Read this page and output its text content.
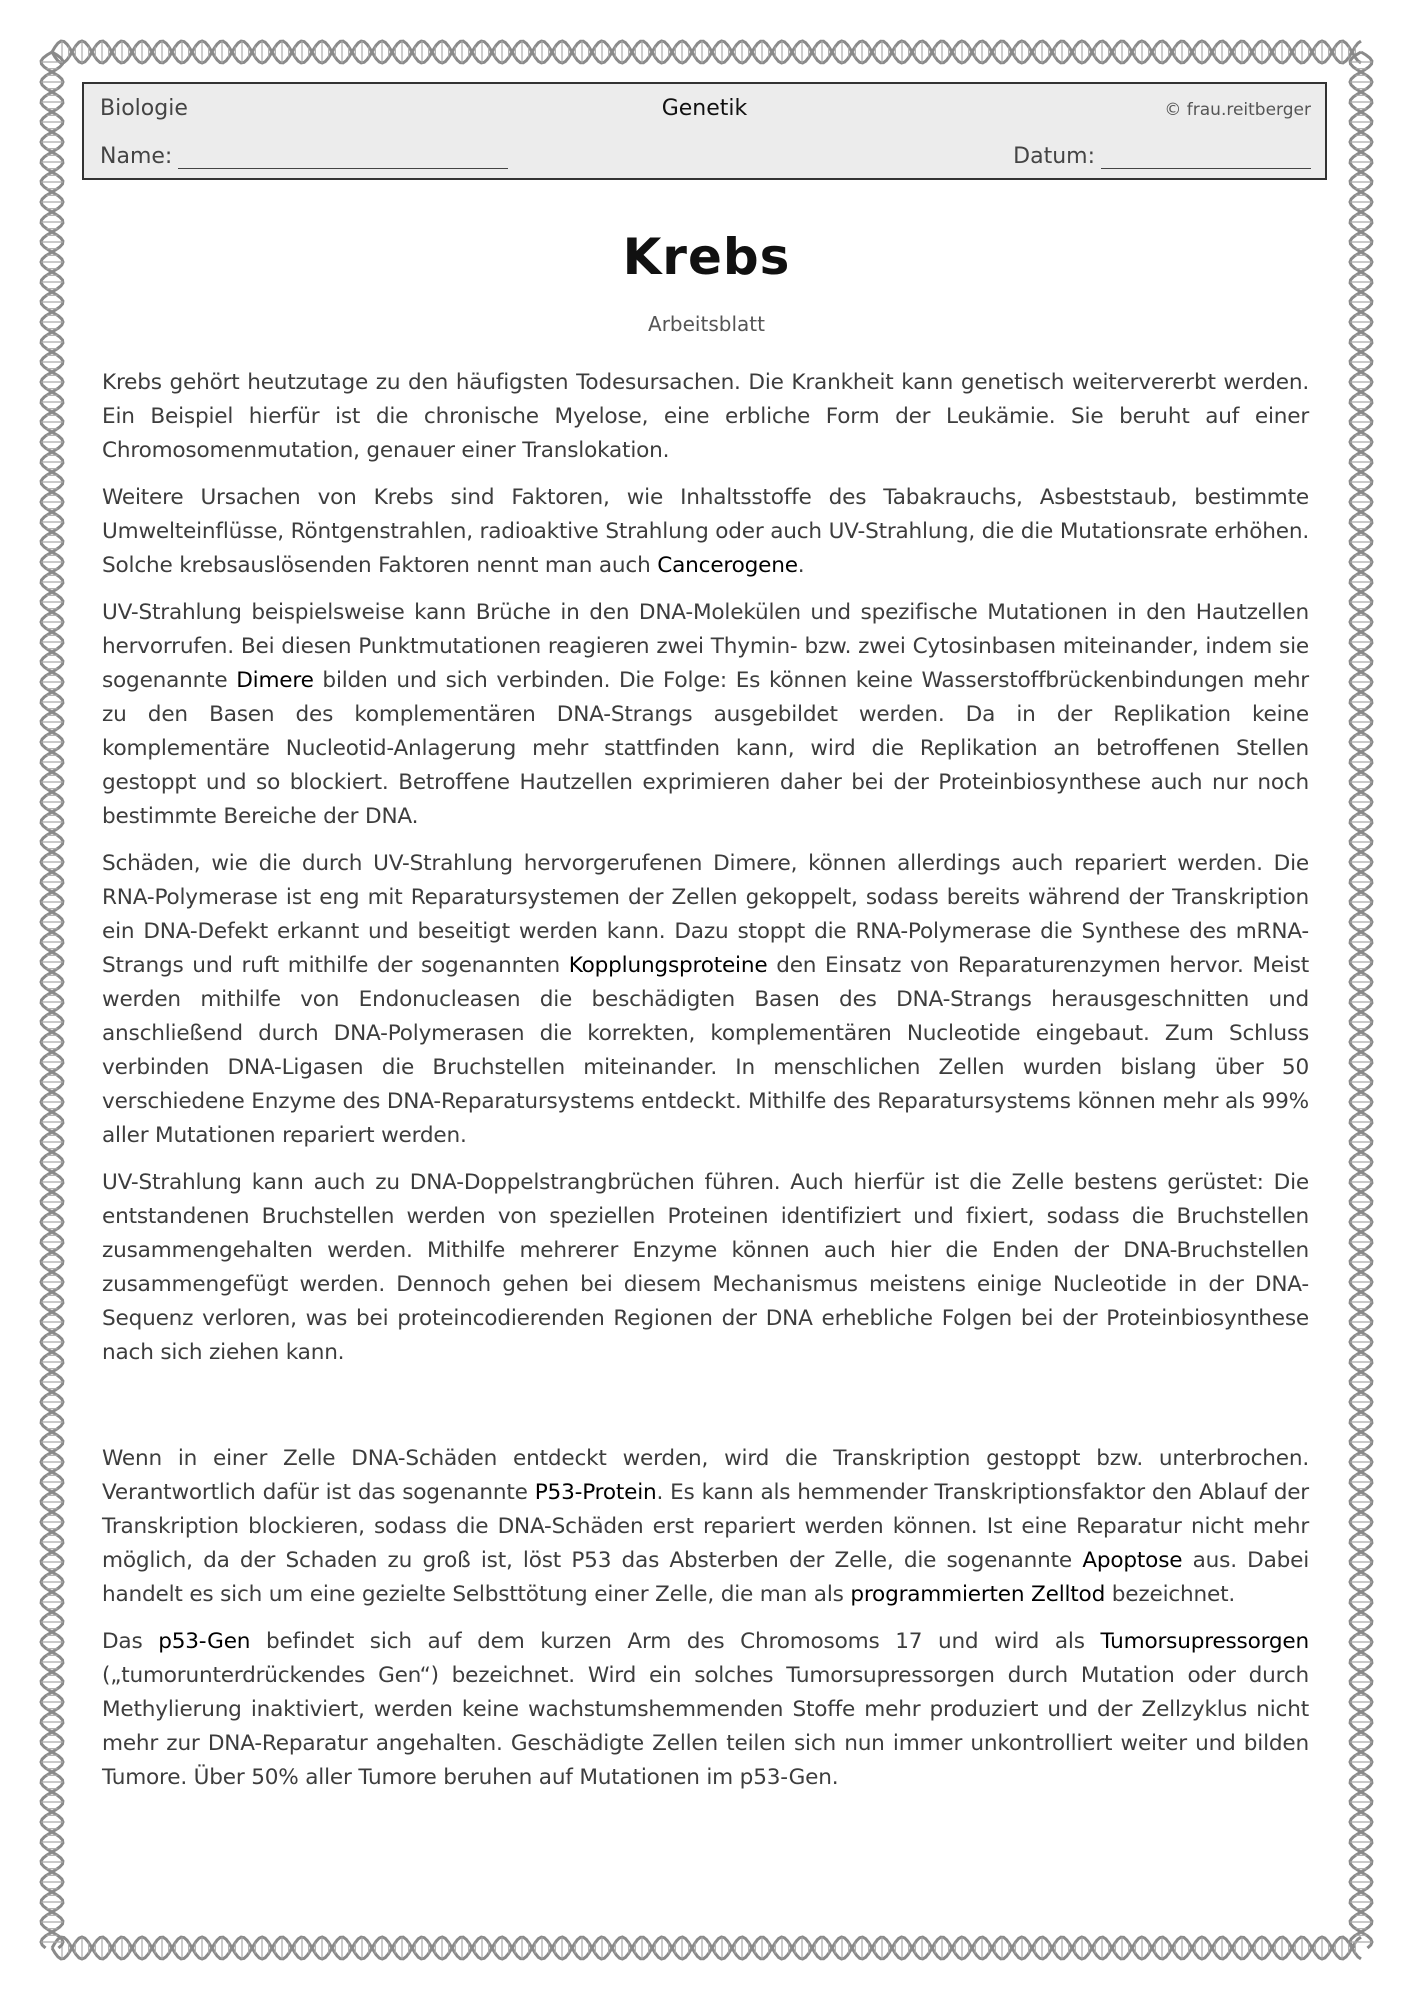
Biologie	Genetik	© frau.reitberger
Name:	Datum:
Krebs
Arbeitsblatt

Krebs gehört heutzutage zu den häufigsten Todesursachen. Die Krankheit kann genetisch weitervererbt werden. Ein Beispiel hierfür ist die chronische Myelose, eine erbliche Form der Leukämie. Sie beruht auf einer Chromosomenmutation, genauer einer Translokation.

Weitere Ursachen von Krebs sind Faktoren, wie Inhaltsstoffe des Tabakrauchs, Asbeststaub, bestimmte Umwelteinflüsse, Röntgenstrahlen, radioaktive Strahlung oder auch UV-Strahlung, die die Mutationsrate erhöhen. Solche krebsauslösenden Faktoren nennt man auch Cancerogene.

UV-Strahlung beispielsweise kann Brüche in den DNA-Molekülen und spezifische Mutationen in den Hautzellen hervorrufen. Bei diesen Punktmutationen reagieren zwei Thymin- bzw. zwei Cytosinbasen miteinander, indem sie sogenannte Dimere bilden und sich verbinden. Die Folge: Es können keine Wasserstoffbrückenbindungen mehr zu den Basen des komplementären DNA-Strangs ausgebildet werden. Da in der Replikation keine komplementäre Nucleotid-Anlagerung mehr stattfinden kann, wird die Replikation an betroffenen Stellen gestoppt und so blockiert. Betroffene Hautzellen exprimieren daher bei der Proteinbiosynthese auch nur noch bestimmte Bereiche der DNA.

Schäden, wie die durch UV-Strahlung hervorgerufenen Dimere, können allerdings auch repariert werden. Die RNA-Polymerase ist eng mit Reparatursystemen der Zellen gekoppelt, sodass bereits während der Transkription ein DNA-Defekt erkannt und beseitigt werden kann. Dazu stoppt die RNA-Polymerase die Synthese des mRNA-Strangs und ruft mithilfe der sogenannten Kopplungsproteine den Einsatz von Reparaturenzymen hervor. Meist werden mithilfe von Endonucleasen die beschädigten Basen des DNA-Strangs herausgeschnitten und anschließend durch DNA-Polymerasen die korrekten, komplementären Nucleotide eingebaut. Zum Schluss verbinden DNA-Ligasen die Bruchstellen miteinander. In menschlichen Zellen wurden bislang über 50 verschiedene Enzyme des DNA-Reparatursystems entdeckt. Mithilfe des Reparatursystems können mehr als 99% aller Mutationen repariert werden.

UV-Strahlung kann auch zu DNA-Doppelstrangbrüchen führen. Auch hierfür ist die Zelle bestens gerüstet: Die entstandenen Bruchstellen werden von speziellen Proteinen identifiziert und fixiert, sodass die Bruchstellen zusammengehalten werden. Mithilfe mehrerer Enzyme können auch hier die Enden der DNA-Bruchstellen zusammengefügt werden. Dennoch gehen bei diesem Mechanismus meistens einige Nucleotide in der DNA-Sequenz verloren, was bei proteincodierenden Regionen der DNA erhebliche Folgen bei der Proteinbiosynthese nach sich ziehen kann.

Wenn in einer Zelle DNA-Schäden entdeckt werden, wird die Transkription gestoppt bzw. unterbrochen. Verantwortlich dafür ist das sogenannte P53-Protein. Es kann als hemmender Transkriptionsfaktor den Ablauf der Transkription blockieren, sodass die DNA-Schäden erst repariert werden können. Ist eine Reparatur nicht mehr möglich, da der Schaden zu groß ist, löst P53 das Absterben der Zelle, die sogenannte Apoptose aus. Dabei handelt es sich um eine gezielte Selbsttötung einer Zelle, die man als programmierten Zelltod bezeichnet.

Das p53-Gen befindet sich auf dem kurzen Arm des Chromosoms 17 und wird als Tumorsupressorgen („tumorunterdrückendes Gen“) bezeichnet. Wird ein solches Tumorsupressorgen durch Mutation oder durch Methylierung inaktiviert, werden keine wachstumshemmenden Stoffe mehr produziert und der Zellzyklus nicht mehr zur DNA-Reparatur angehalten. Geschädigte Zellen teilen sich nun immer unkontrolliert weiter und bilden Tumore. Über 50% aller Tumore beruhen auf Mutationen im p53-Gen.
